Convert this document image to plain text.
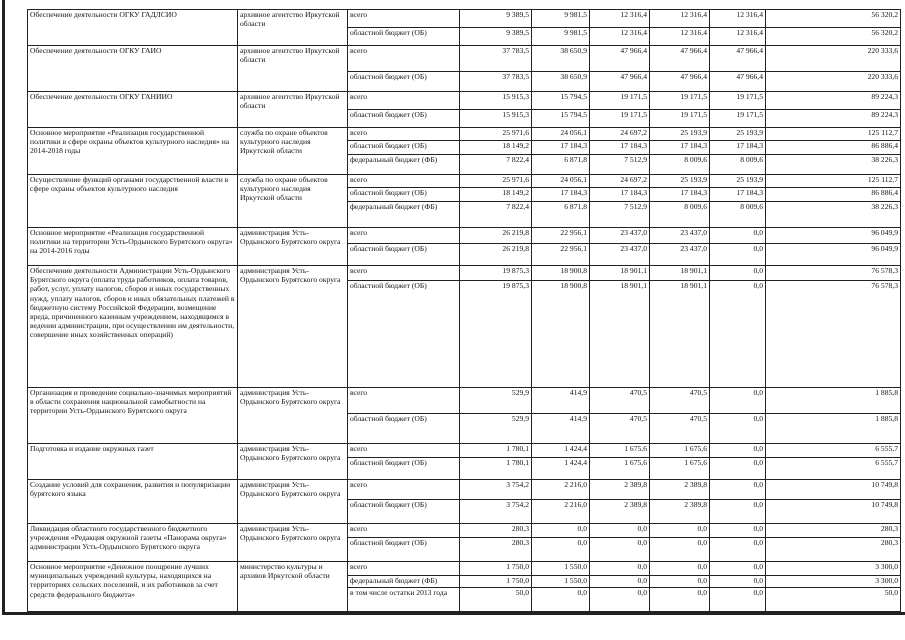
Обеспечение деятельности ОГКУ ГАДЛСИО	архивное агентство Иркутской области	всего	9 389,5	9 981,5	12 316,4	12 316,4	12 316,4	56 320,2
		областной бюджет (ОБ)	9 389,5	9 981,5	12 316,4	12 316,4	12 316,4	56 320,2
Обеспечение деятельности ОГКУ ГАИО	архивное агентство Иркутской области	всего	37 783,5	38 650,9	47 966,4	47 966,4	47 966,4	220 333,6
		областной бюджет (ОБ)	37 783,5	38 650,9	47 966,4	47 966,4	47 966,4	220 333,6
Обеспечение деятельности ОГКУ ГАНИИО	архивное агентство Иркутской области	всего	15 915,3	15 794,5	19 171,5	19 171,5	19 171,5	89 224,3
		областной бюджет (ОБ)	15 915,3	15 794,5	19 171,5	19 171,5	19 171,5	89 224,3
Основное мероприятие «Реализация государственной политики в сфере охраны объектов культурного наследия» на 2014-2018 годы	служба по охране объектов культурного наследия Иркутской области	всего	25 971,6	24 056,1	24 697,2	25 193,9	25 193,9	125 112,7
		областной бюджет (ОБ)	18 149,2	17 184,3	17 184,3	17 184,3	17 184,3	86 886,4
		федеральный бюджет (ФБ)	7 822,4	6 871,8	7 512,9	8 009,6	8 009,6	38 226,3
Осуществление функций органами государственной власти в сфере охраны объектов культурного наследия	служба по охране объектов культурного наследия Иркутской области	всего	25 971,6	24 056,1	24 697,2	25 193,9	25 193,9	125 112,7
		областной бюджет (ОБ)	18 149,2	17 184,3	17 184,3	17 184,3	17 184,3	86 886,4
		федеральный бюджет (ФБ)	7 822,4	6 871,8	7 512,9	8 009,6	8 009,6	38 226,3
Основное мероприятие «Реализация государственной политики на территории Усть-Ордынского Бурятского округа» на 2014-2016 годы	администрация Усть-Ордынского Бурятского округа	всего	26 219,8	22 956,1	23 437,0	23 437,0	0,0	96 049,9
		областной бюджет (ОБ)	26 219,8	22 956,1	23 437,0	23 437,0	0,0	96 049,9
Обеспечение деятельности Администрации Усть-Ордынского Бурятского округа (оплата труда работников, оплата товаров, работ, услуг, уплату налогов, сборов и иных государственных нужд, уплату налогов, сборов и иных обязательных платежей в бюджетную систему Российской Федерации, возмещение вреда, причиненного казенным учреждением, находящимся в ведении администрации, при осуществлении им деятельности, совершение иных хозяйственных операций)	администрация Усть-Ордынского Бурятского округа	всего	19 875,3	18 900,8	18 901,1	18 901,1	0,0	76 578,3
		областной бюджет (ОБ)	19 875,3	18 900,8	18 901,1	18 901,1	0,0	76 578,3
Организация и проведение социально-значимых мероприятий в области сохранения национальной самобытности на территории Усть-Ордынского Бурятского округа	администрация Усть-Ордынского Бурятского округа	всего	529,9	414,9	470,5	470,5	0,0	1 885,8
		областной бюджет (ОБ)	529,9	414,9	470,5	470,5	0,0	1 885,8
Подготовка и издание окружных газет	администрация Усть-Ордынского Бурятского округа	всего	1 780,1	1 424,4	1 675,6	1 675,6	0,0	6 555,7
		областной бюджет (ОБ)	1 780,1	1 424,4	1 675,6	1 675,6	0,0	6 555,7
Создание условий для сохранения, развития и популяризации бурятского языка	администрация Усть-Ордынского Бурятского округа	всего	3 754,2	2 216,0	2 389,8	2 389,8	0,0	10 749,8
		областной бюджет (ОБ)	3 754,2	2 216,0	2 389,8	2 389,8	0,0	10 749,8
Ликвидация областного государственного бюджетного учреждения «Редакция окружной газеты «Панорама округа» администрации Усть-Ордынского Бурятского округа	администрация Усть-Ордынского Бурятского округа	всего	280,3	0,0	0,0	0,0	0,0	280,3
		областной бюджет (ОБ)	280,3	0,0	0,0	0,0	0,0	280,3
Основное мероприятие «Денежное поощрение лучших муниципальных учреждений культуры, находящихся на территориях сельских поселений, и их работников за счет средств федерального бюджета»	министерство культуры и архивов Иркутской области	всего	1 750,0	1 550,0	0,0	0,0	0,0	3 300,0
		федеральный бюджет (ФБ)	1 750,0	1 550,0	0,0	0,0	0,0	3 300,0
		в том числе остатки 2013 года	50,0	0,0	0,0	0,0	0,0	50,0
